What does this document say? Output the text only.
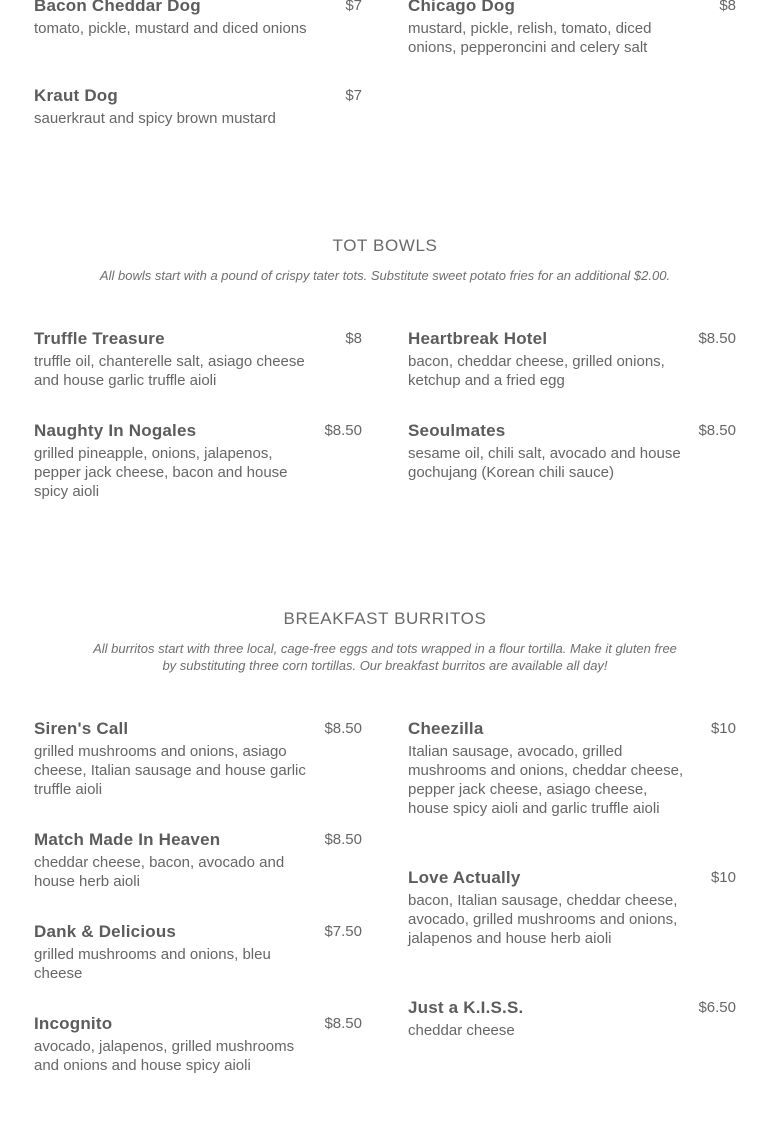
Bacon Cheddar Dog	$7
tomato, pickle, mustard and diced onions
Kraut Dog	$7
sauerkraut and spicy brown mustard
Chicago Dog	$8
mustard, pickle, relish, tomato, diced onions, pepperoncini and celery salt
TOT BOWLS
All bowls start with a pound of crispy tater tots. Substitute sweet potato fries for an additional $2.00.
Truffle Treasure	$8
truffle oil, chanterelle salt, asiago cheese and house garlic truffle aioli
Naughty In Nogales	$8.50
grilled pineapple, onions, jalapenos, pepper jack cheese, bacon and house spicy aioli
Heartbreak Hotel	$8.50
bacon, cheddar cheese, grilled onions, ketchup and a fried egg
Seoulmates	$8.50
sesame oil, chili salt, avocado and house gochujang (Korean chili sauce)
BREAKFAST BURRITOS
All burritos start with three local, cage-free eggs and tots wrapped in a flour tortilla. Make it gluten free by substituting three corn tortillas. Our breakfast burritos are available all day!
Siren's Call	$8.50
grilled mushrooms and onions, asiago cheese, Italian sausage and house garlic truffle aioli
Match Made In Heaven	$8.50
cheddar cheese, bacon, avocado and house herb aioli
Dank & Delicious	$7.50
grilled mushrooms and onions, bleu cheese
Incognito	$8.50
avocado, jalapenos, grilled mushrooms and onions and house spicy aioli
Cheezilla	$10
Italian sausage, avocado, grilled mushrooms and onions, cheddar cheese, pepper jack cheese, asiago cheese, house spicy aioli and garlic truffle aioli
Love Actually	$10
bacon, Italian sausage, cheddar cheese, avocado, grilled mushrooms and onions, jalapenos and house herb aioli
Just a K.I.S.S.	$6.50
cheddar cheese
